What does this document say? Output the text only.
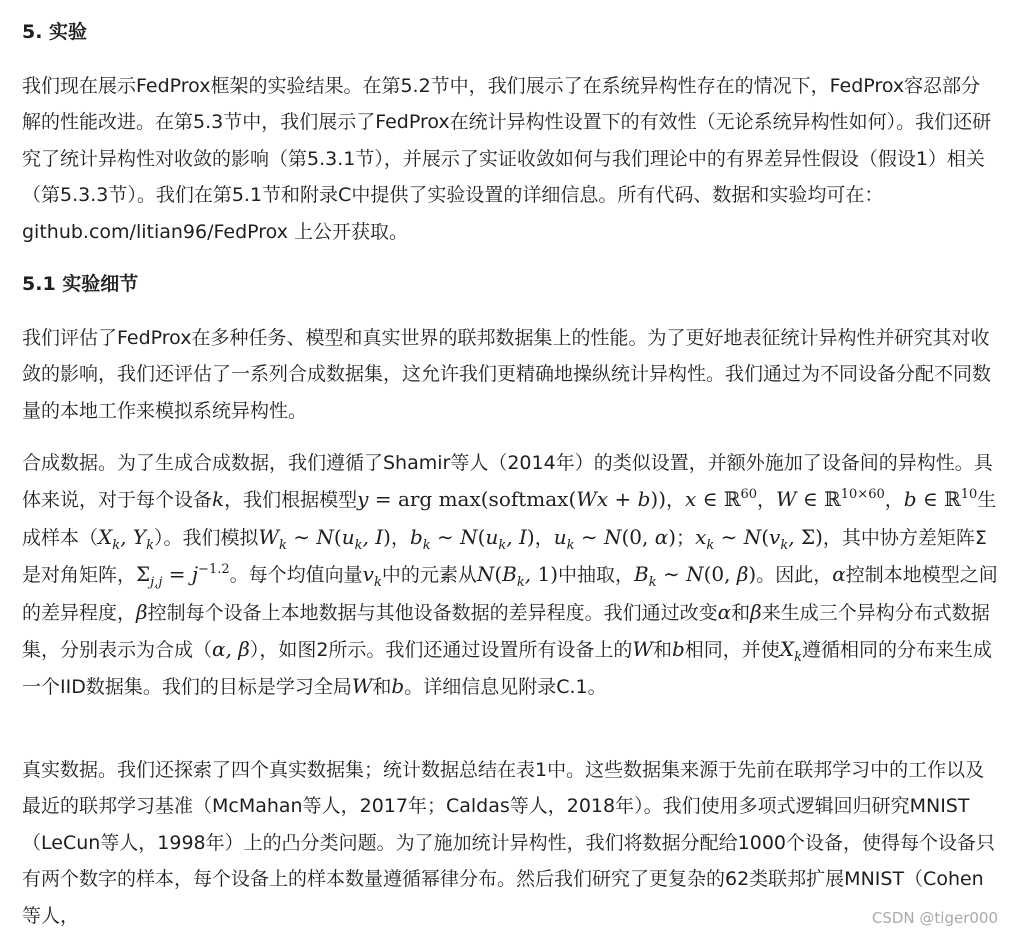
5. 实验

我们现在展示FedProx框架的实验结果。在第5.2节中，我们展示了在系统异构性存在的情况下，FedProx容忍部分解的性能改进。在第5.3节中，我们展示了FedProx在统计异构性设置下的有效性（无论系统异构性如何）。我们还研究了统计异构性对收敛的影响（第5.3.1节），并展示了实证收敛如何与我们理论中的有界差异性假设（假设1）相关（第5.3.3节）。我们在第5.1节和附录C中提供了实验设置的详细信息。所有代码、数据和实验均可在：github.com/litian96/FedProx 上公开获取。

5.1 实验细节

我们评估了FedProx在多种任务、模型和真实世界的联邦数据集上的性能。为了更好地表征统计异构性并研究其对收敛的影响，我们还评估了一系列合成数据集，这允许我们更精确地操纵统计异构性。我们通过为不同设备分配不同数量的本地工作来模拟系统异构性。

合成数据。为了生成合成数据，我们遵循了Shamir等人（2014年）的类似设置，并额外施加了设备间的异构性。具体来说，对于每个设备k，我们根据模型y = arg max(softmax(Wx + b))，x ∈ ℝ$^{60}$，W ∈ ℝ$^{10\times 60}$，b ∈ ℝ$^{10}$生成样本（$X_k$, $Y_k$）。我们模拟$W_k$ ∼ $N(u_k$, I)，$b_k$ ∼ $N(u_k$, I)，$u_k$ ∼ N(0, α)；$x_k$ ∼ $N(v_k$, Σ)，其中协方差矩阵Σ是对角矩阵，$\Sigma_{j,j} = j^{-1.2}$。每个均值向量$v_k$中的元素从$N(B_k$, 1)中抽取，$B_k$ ∼ N(0, β)。因此，α控制本地模型之间的差异程度，β控制每个设备上本地数据与其他设备数据的差异程度。我们通过改变α和β来生成三个异构分布式数据集，分别表示为合成（α, β），如图2所示。我们还通过设置所有设备上的W和b相同，并使$X_k$遵循相同的分布来生成一个IID数据集。我们的目标是学习全局W和b。详细信息见附录C.1。

真实数据。我们还探索了四个真实数据集；统计数据总结在表1中。这些数据集来源于先前在联邦学习中的工作以及最近的联邦学习基准（McMahan等人，2017年；Caldas等人，2018年）。我们使用多项式逻辑回归研究MNIST（LeCun等人，1998年）上的凸分类问题。为了施加统计异构性，我们将数据分配给1000个设备，使得每个设备只有两个数字的样本，每个设备上的样本数量遵循幂律分布。然后我们研究了更复杂的62类联邦扩展MNIST（Cohen等人，	CSDN @tiger000
